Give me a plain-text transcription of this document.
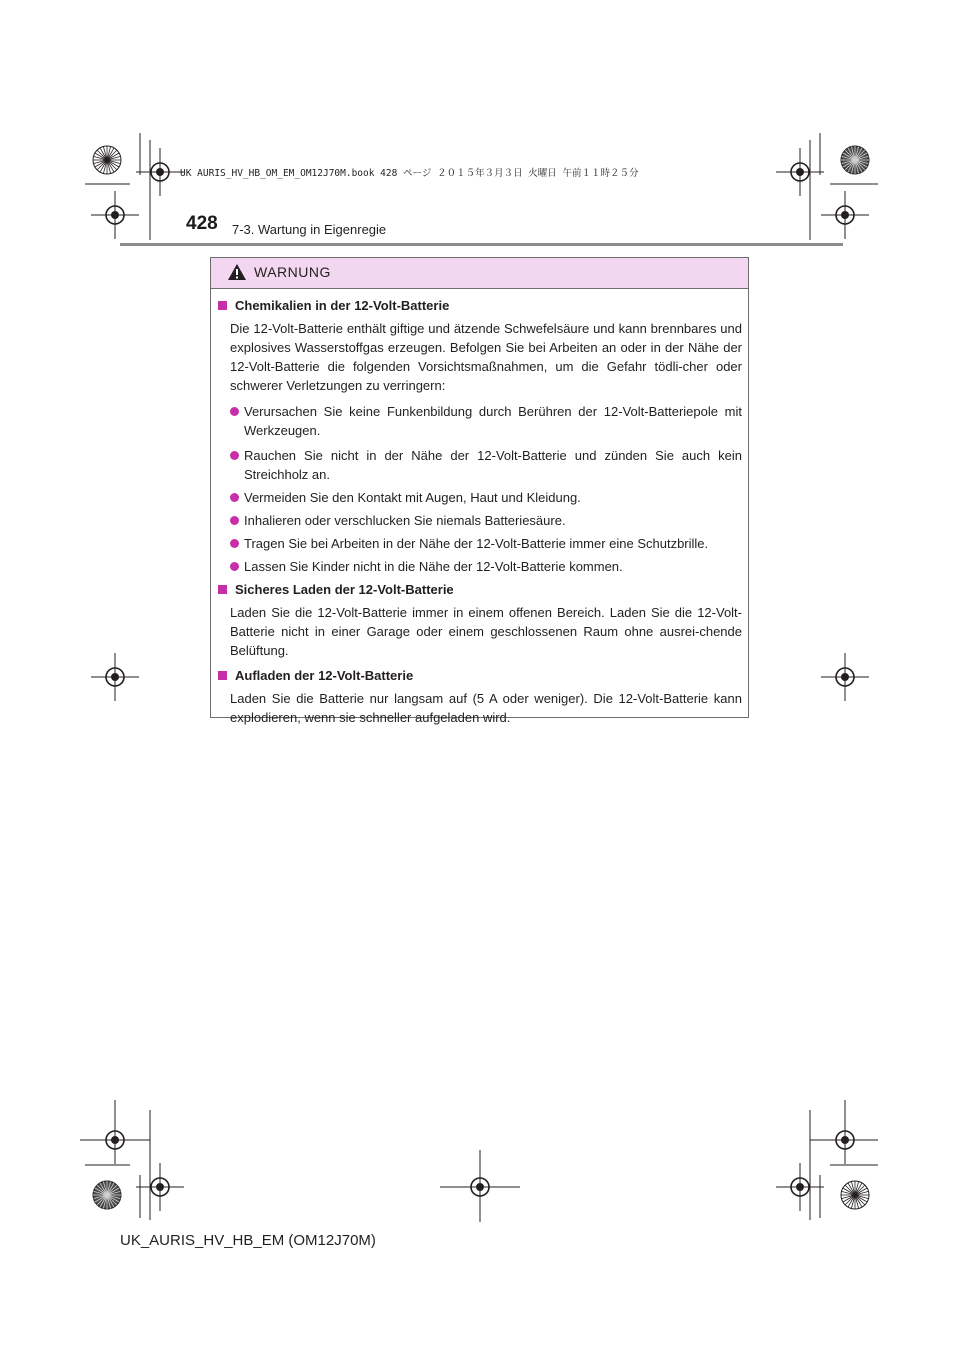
UK AURIS_HV_HB_OM_EM_OM12J70M.book 428 ページ ２０１５年３月３日 火曜日 午前１１時２５分
428 7-3. Wartung in Eigenregie
WARNUNG
Chemikalien in der 12-Volt-Batterie
Die 12-Volt-Batterie enthält giftige und ätzende Schwefelsäure und kann brennbares und explosives Wasserstoffgas erzeugen. Befolgen Sie bei Arbeiten an oder in der Nähe der 12-Volt-Batterie die folgenden Vorsichtsmaßnahmen, um die Gefahr tödli-cher oder schwerer Verletzungen zu verringern:
Verursachen Sie keine Funkenbildung durch Berühren der 12-Volt-Batteriepole mit Werkzeugen.
Rauchen Sie nicht in der Nähe der 12-Volt-Batterie und zünden Sie auch kein Streichholz an.
Vermeiden Sie den Kontakt mit Augen, Haut und Kleidung.
Inhalieren oder verschlucken Sie niemals Batteriesäure.
Tragen Sie bei Arbeiten in der Nähe der 12-Volt-Batterie immer eine Schutzbrille.
Lassen Sie Kinder nicht in die Nähe der 12-Volt-Batterie kommen.
Sicheres Laden der 12-Volt-Batterie
Laden Sie die 12-Volt-Batterie immer in einem offenen Bereich. Laden Sie die 12-Volt-Batterie nicht in einer Garage oder einem geschlossenen Raum ohne ausrei-chende Belüftung.
Aufladen der 12-Volt-Batterie
Laden Sie die Batterie nur langsam auf (5 A oder weniger). Die 12-Volt-Batterie kann explodieren, wenn sie schneller aufgeladen wird.
UK_AURIS_HV_HB_EM (OM12J70M)
